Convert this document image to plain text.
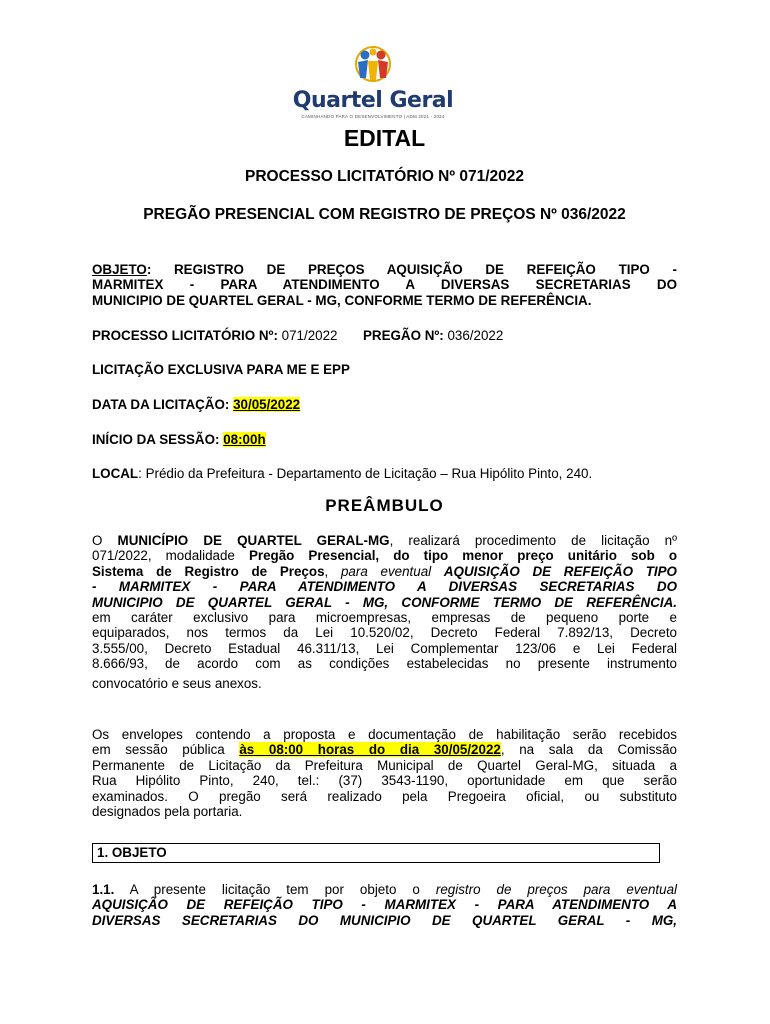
Quartel Geral
CAMINHANDO PARA O DESENVOLVIMENTO | ADM 2021 - 2024
EDITAL
PROCESSO LICITATÓRIO Nº 071/2022
PREGÃO PRESENCIAL COM REGISTRO DE PREÇOS Nº 036/2022
OBJETO: REGISTRO DE PREÇOS AQUISIÇÃO DE REFEIÇÃO TIPO -
MARMITEX - PARA ATENDIMENTO A DIVERSAS SECRETARIAS DO
MUNICIPIO DE QUARTEL GERAL - MG, CONFORME TERMO DE REFERÊNCIA.
PROCESSO LICITATÓRIO Nº: 071/2022 PREGÃO Nº: 036/2022
LICITAÇÃO EXCLUSIVA PARA ME E EPP
DATA DA LICITAÇÃO: 30/05/2022
INÍCIO DA SESSÃO: 08:00h
LOCAL: Prédio da Prefeitura - Departamento de Licitação – Rua Hipólito Pinto, 240.
PREÂMBULO
O MUNICÍPIO DE QUARTEL GERAL-MG, realizará procedimento de licitação nº
071/2022, modalidade Pregão Presencial, do tipo menor preço unitário sob o
Sistema de Registro de Preços, para eventual AQUISIÇÃO DE REFEIÇÃO TIPO
- MARMITEX - PARA ATENDIMENTO A DIVERSAS SECRETARIAS DO
MUNICIPIO DE QUARTEL GERAL - MG, CONFORME TERMO DE REFERÊNCIA.
em caráter exclusivo para microempresas, empresas de pequeno porte e
equiparados, nos termos da Lei 10.520/02, Decreto Federal 7.892/13, Decreto
3.555/00, Decreto Estadual 46.311/13, Lei Complementar 123/06 e Lei Federal
8.666/93, de acordo com as condições estabelecidas no presente instrumento
convocatório e seus anexos.
Os envelopes contendo a proposta e documentação de habilitação serão recebidos
em sessão pública às 08:00 horas do dia 30/05/2022, na sala da Comissão
Permanente de Licitação da Prefeitura Municipal de Quartel Geral-MG, situada a
Rua Hipólito Pinto, 240, tel.: (37) 3543-1190, oportunidade em que serão
examinados. O pregão será realizado pela Pregoeira oficial, ou substituto
designados pela portaria.
1. OBJETO
1.1. A presente licitação tem por objeto o registro de preços para eventual
AQUISIÇÃO DE REFEIÇÃO TIPO - MARMITEX - PARA ATENDIMENTO A
DIVERSAS SECRETARIAS DO MUNICIPIO DE QUARTEL GERAL - MG,
